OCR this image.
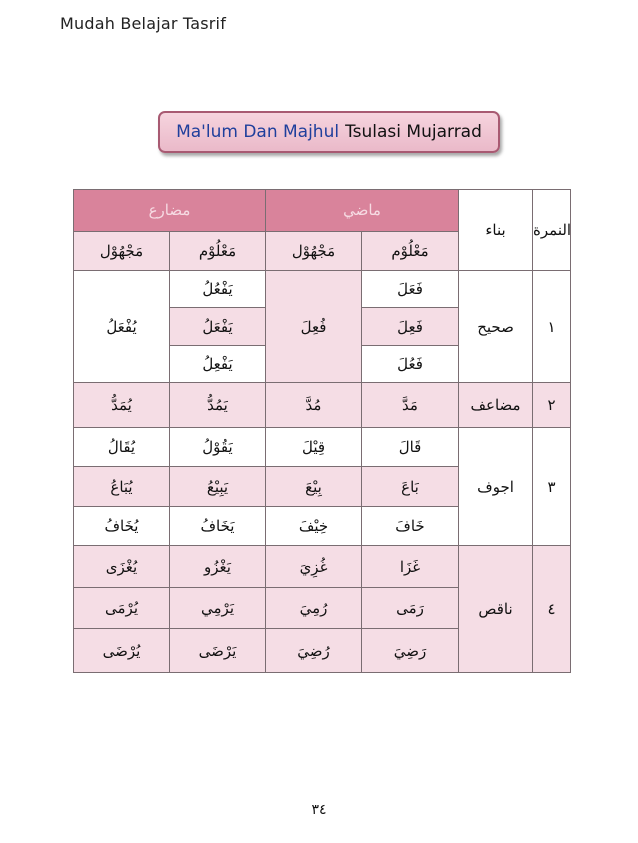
Mudah Belajar Tasrif
Ma'lum Dan Majhul Tsulasi Mujarrad
مضارع		ماضي		بناء	النمرة
مَجْهُوْل	مَعْلُوْم	مَجْهُوْل	مَعْلُوْم		
يُفْعَلُ	يَفْعُلُ	فُعِلَ	فَعَلَ	صحيح	١
	يَفْعَلُ		فَعِلَ		
	يَفْعِلُ		فَعُلَ		
يُمَدُّ	يَمُدُّ	مُدَّ	مَدَّ	مضاعف	٢
يُقَالُ	يَقُوْلُ	قِيْلَ	قَالَ	اجوف	٣
يُبَاعُ	يَبِيْعُ	بِيْعَ	بَاعَ		
يُخَافُ	يَخَافُ	خِيْفَ	خَافَ		
يُغْزَى	يَغْزُو	غُزِيَ	غَزَا	ناقص	٤
يُرْمَى	يَرْمِي	رُمِيَ	رَمَى		
يُرْضَى	يَرْضَى	رُضِيَ	رَضِيَ		
٣٤
